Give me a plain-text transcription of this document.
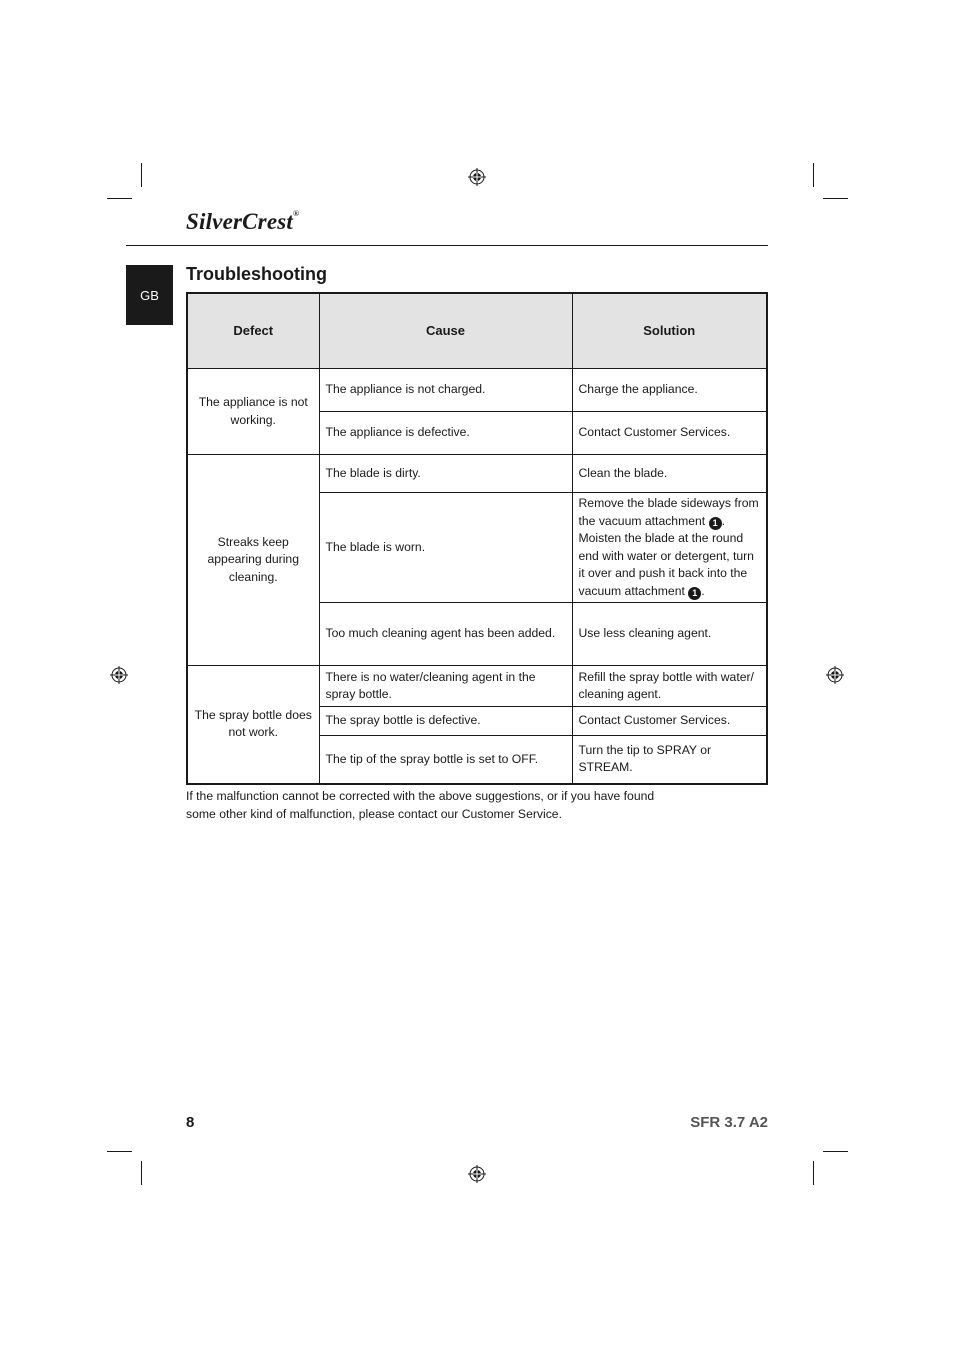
SilverCrest®
GB
Troubleshooting
Defect	Cause	Solution
The appliance is not working.	The appliance is not charged.	Charge the appliance.
	The appliance is defective.	Contact Customer Services.
Streaks keep appearing during cleaning.	The blade is dirty.	Clean the blade.
	The blade is worn.	Remove the blade sideways from the vacuum attachment 1 . Moisten the blade at the round end with water or detergent, turn it over and push it back into the vacuum attachment 1 .
	Too much cleaning agent has been added.	Use less cleaning agent.
The spray bottle does not work.	There is no water/cleaning agent in the spray bottle.	Refill the spray bottle with water/ cleaning agent.
	The spray bottle is defective.	Contact Customer Services.
	The tip of the spray bottle is set to OFF.	Turn the tip to SPRAY or STREAM.

If the malfunction cannot be corrected with the above suggestions, or if you have found some other kind of malfunction, please contact our Customer Service.

8	SFR 3.7 A2
